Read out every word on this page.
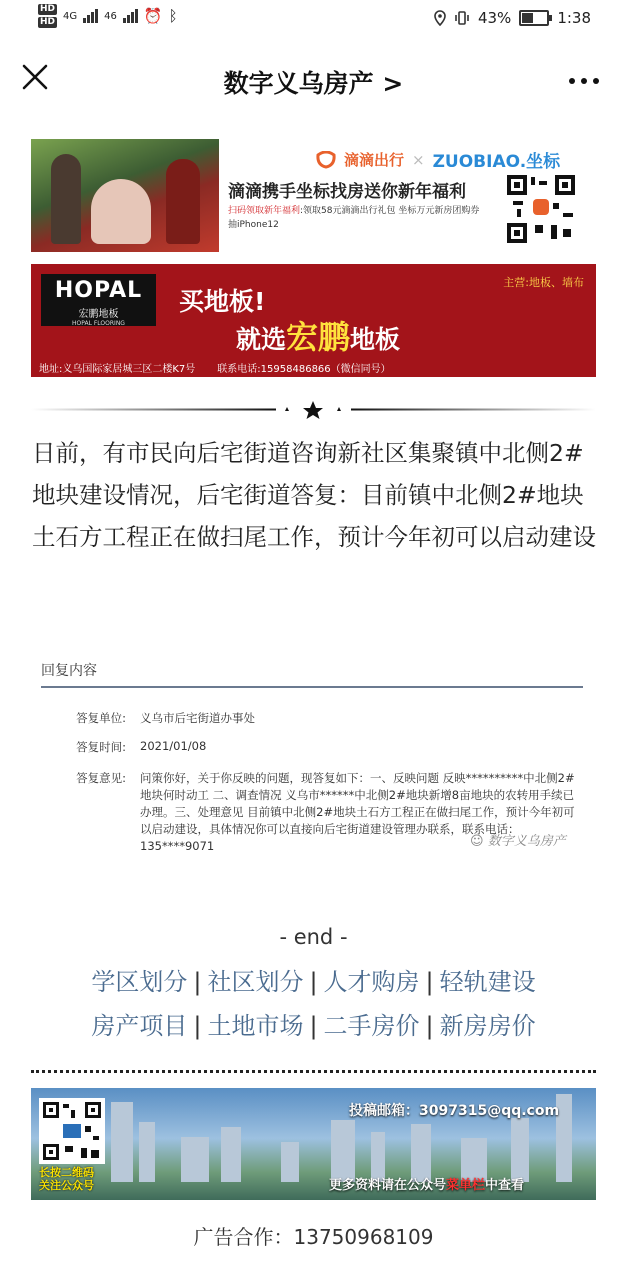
HD
HD
4G	46 ⏰ ᛒ	43%	1:38
数字义乌房产 >
滴滴出行 × ZUOBIAO.坐标
滴滴携手坐标找房送你新年福利
扫码领取新年福利:领取58元滴滴出行礼包 坐标万元新房团购券
抽iPhone12
HOPAL
宏鹏地板
HOPAL FLOORING
买地板!
就选宏鹏地板
主营:地板、墙布
地址:义乌国际家居城三区二楼K7号 联系电话:15958486866（微信同号）
日前，有市民向后宅街道咨询新社区集聚镇中北侧2#地块建设情况，后宅街道答复：目前镇中北侧2#地块土石方工程正在做扫尾工作，预计今年初可以启动建设
回复内容
答复单位: 义乌市后宅街道办事处
答复时间: 2021/01/08
答复意见: 问策你好，关于你反映的问题，现答复如下：一、反映问题 反映**********中北侧2#地块何时动工 二、调查情况 义乌市******中北侧2#地块新增8亩地块的农转用手续已办理。三、处理意见 目前镇中北侧2#地块土石方工程正在做扫尾工作，预计今年初可以启动建设，具体情况你可以直接向后宅街道建设管理办联系，联系电话：135****9071	☺ 数字义乌房产
- end -
学区划分 | 社区划分 | 人才购房 | 轻轨建设
房产项目 | 土地市场 | 二手房价 | 新房房价
长按二维码
关注公众号
投稿邮箱：3097315@qq.com
更多资料请在公众号菜单栏中查看
广告合作：13750968109
